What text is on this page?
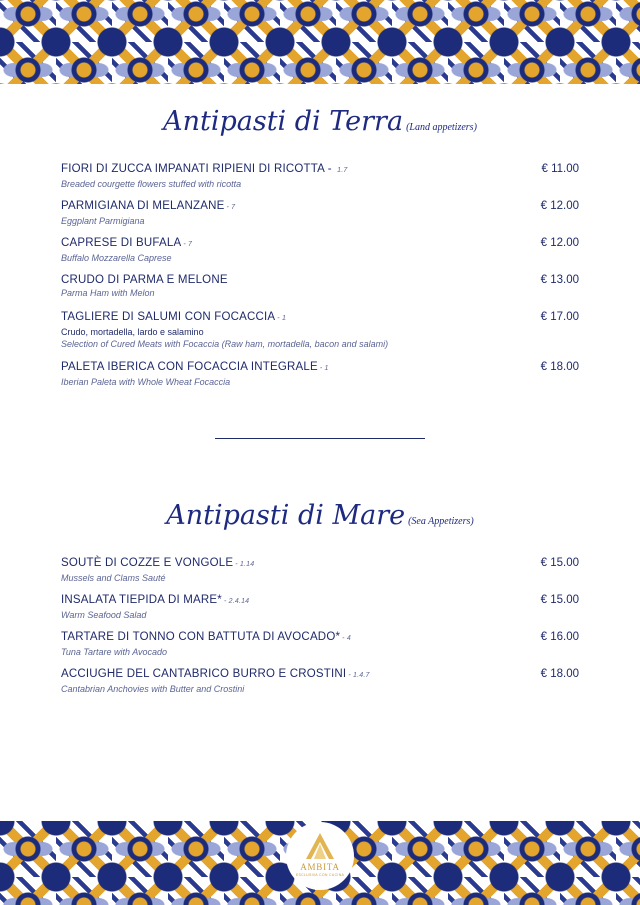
Antipasti di Terra (Land appetizers)
FIORI DI ZUCCA IMPANATI RIPIENI DI RICOTTA - 1.7
Breaded courgette flowers stuffed with ricotta
€ 11.00
PARMIGIANA DI MELANZANE - 7
Eggplant Parmigiana
€ 12.00
CAPRESE DI BUFALA - 7
Buffalo Mozzarella Caprese
€ 12.00
CRUDO DI PARMA E MELONE
Parma Ham with Melon
€ 13.00
TAGLIERE DI SALUMI CON FOCACCIA - 1
Crudo, mortadella, lardo e salamino
Selection of Cured Meats with Focaccia (Raw ham, mortadella, bacon and salami)
€ 17.00
PALETA IBERICA CON FOCACCIA INTEGRALE - 1
Iberian Paleta with Whole Wheat Focaccia
€ 18.00
Antipasti di Mare (Sea Appetizers)
SOUTÈ DI COZZE E VONGOLE - 1.14
Mussels and Clams Sauté
€ 15.00
INSALATA TIEPIDA DI MARE* - 2.4.14
Warm Seafood Salad
€ 15.00
TARTARE DI TONNO CON BATTUTA DI AVOCADO* - 4
Tuna Tartare with Avocado
€ 16.00
ACCIUGHE DEL CANTABRICO BURRO E CROSTINI - 1.4.7
Cantabrian Anchovies with Butter and Crostini
€ 18.00
AMBITA
ESCLUSIVA CON CUCINA
